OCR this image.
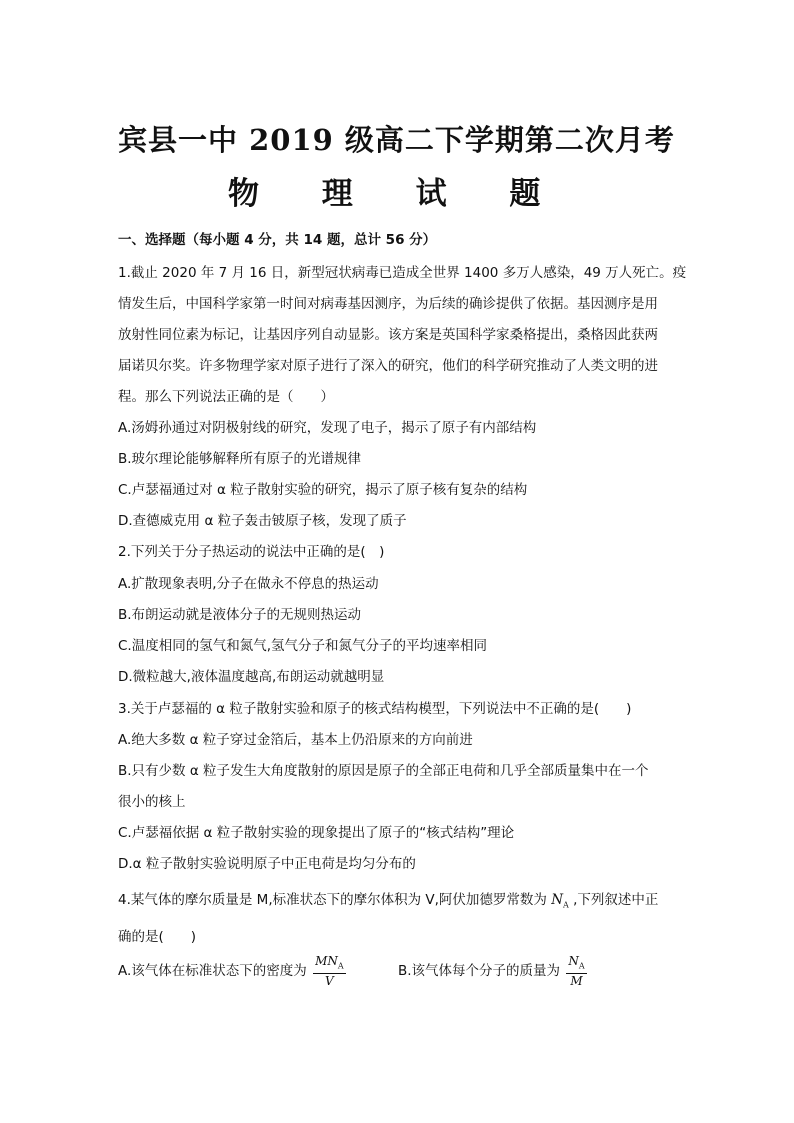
宾县一中 2019 级高二下学期第二次月考
物 理 试 题
一、选择题（每小题 4 分，共 14 题，总计 56 分）
1.截止 2020 年 7 月 16 日，新型冠状病毒已造成全世界 1400 多万人感染，49 万人死亡。疫
情发生后，中国科学家第一时间对病毒基因测序，为后续的确诊提供了依据。基因测序是用
放射性同位素为标记，让基因序列自动显影。该方案是英国科学家桑格提出，桑格因此获两
届诺贝尔奖。许多物理学家对原子进行了深入的研究，他们的科学研究推动了人类文明的进
程。那么下列说法正确的是（　　）
A.汤姆孙通过对阴极射线的研究，发现了电子，揭示了原子有内部结构
B.玻尔理论能够解释所有原子的光谱规律
C.卢瑟福通过对 α 粒子散射实验的研究，揭示了原子核有复杂的结构
D.查德威克用 α 粒子轰击铍原子核，发现了质子
2.下列关于分子热运动的说法中正确的是(　)
A.扩散现象表明,分子在做永不停息的热运动
B.布朗运动就是液体分子的无规则热运动
C.温度相同的氢气和氮气,氢气分子和氮气分子的平均速率相同
D.微粒越大,液体温度越高,布朗运动就越明显
3.关于卢瑟福的 α 粒子散射实验和原子的核式结构模型，下列说法中不正确的是(　　)
A.绝大多数 α 粒子穿过金箔后，基本上仍沿原来的方向前进
B.只有少数 α 粒子发生大角度散射的原因是原子的全部正电荷和几乎全部质量集中在一个
很小的核上
C.卢瑟福依据 α 粒子散射实验的现象提出了原子的“核式结构”理论
D.α 粒子散射实验说明原子中正电荷是均匀分布的
4.某气体的摩尔质量是 M,标准状态下的摩尔体积为 V,阿伏加德罗常数为 $N_A$ ,下列叙述中正
确的是(　　)
A.该气体在标准状态下的密度为 $\frac{MN_A}{V}$	B.该气体每个分子的质量为 $\frac{N_A}{M}$
